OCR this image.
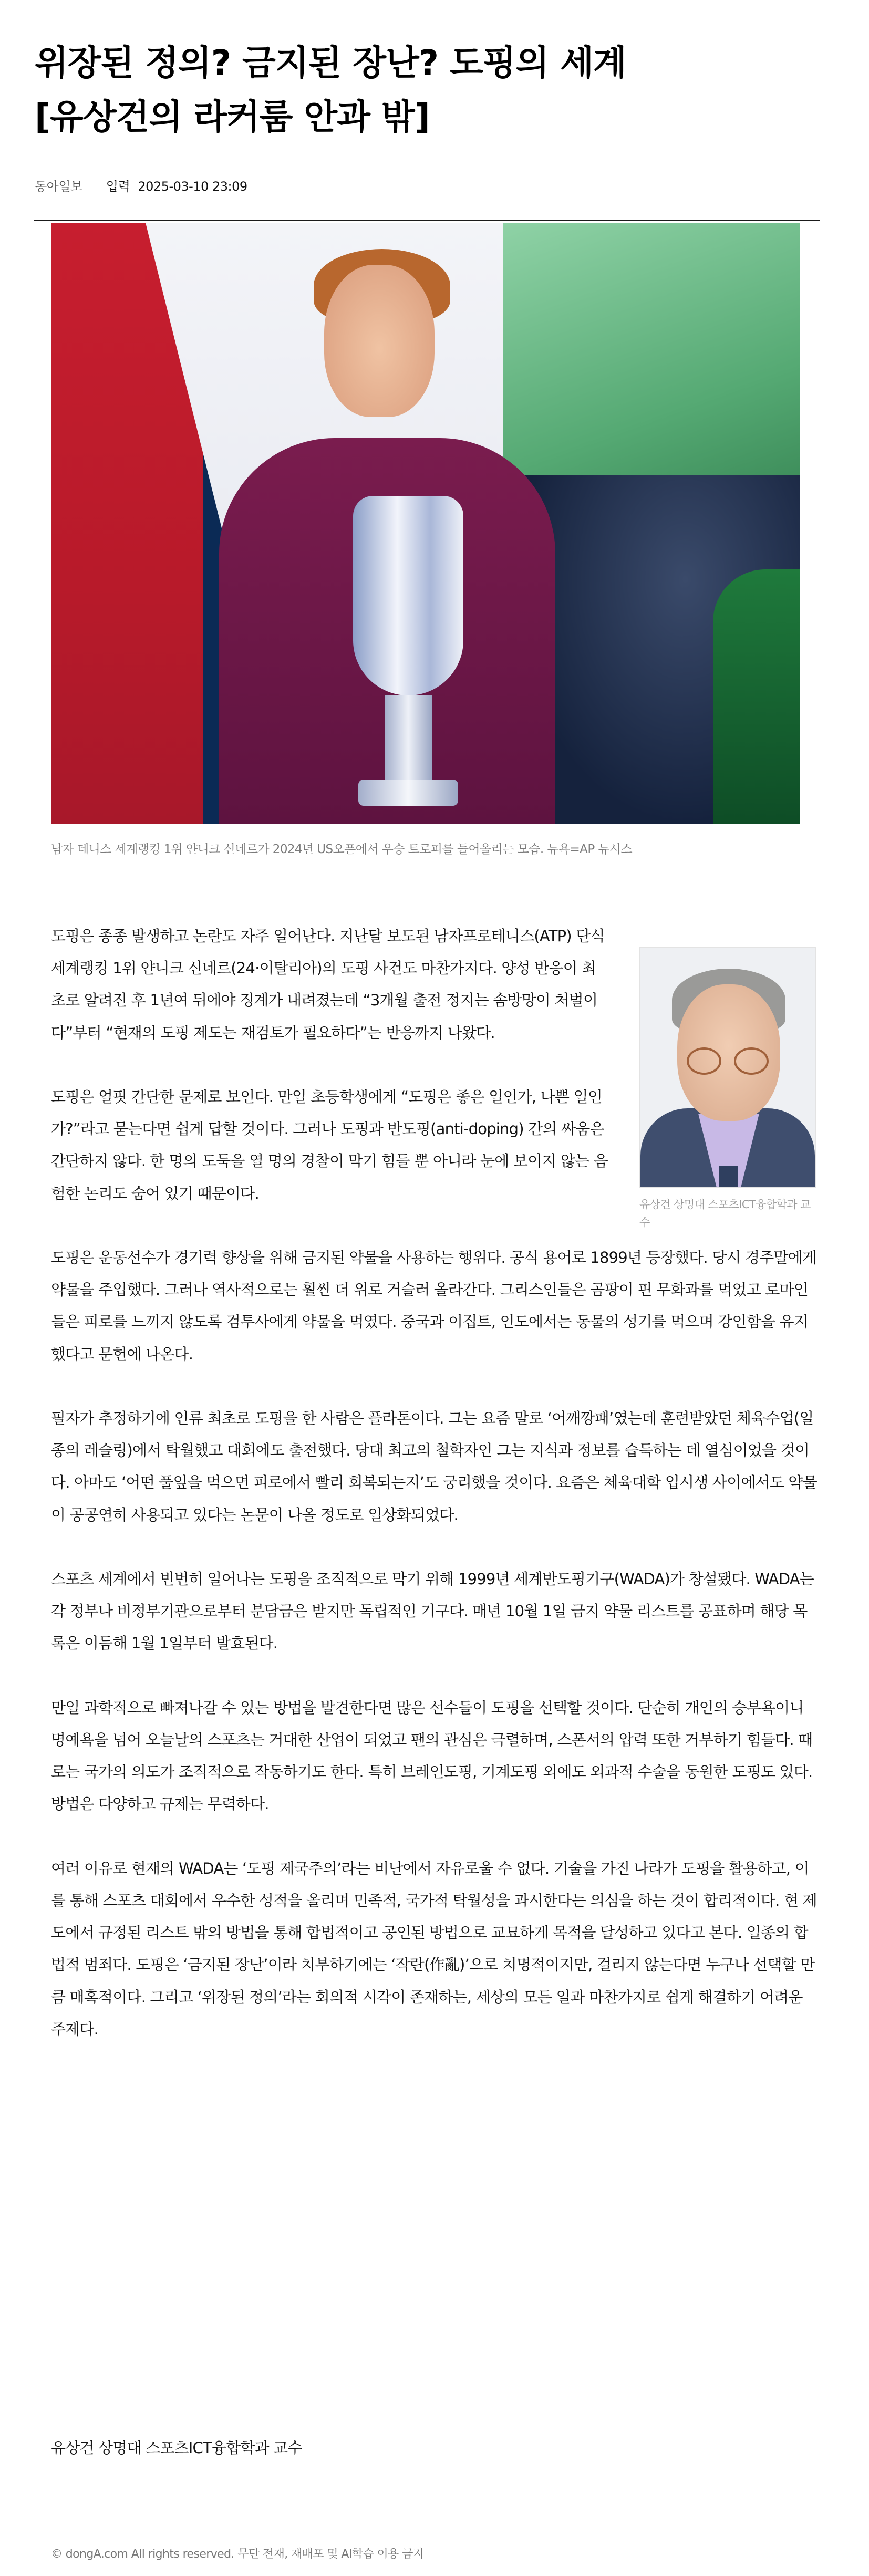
위장된 정의? 금지된 장난? 도핑의 세계
[유상건의 라커룸 안과 밖]
동아일보 입력 2025-03-10 23:09
남자 테니스 세계랭킹 1위 얀니크 신네르가 2024년 US오픈에서 우승 트로피를 들어올리는 모습. 뉴욕=AP 뉴시스
유상건 상명대 스포츠ICT융합학과 교수

도핑은 종종 발생하고 논란도 자주 일어난다. 지난달 보도된 남자프로테니스(ATP) 단식 세계랭킹 1위 얀니크 신네르(24·이탈리아)의 도핑 사건도 마찬가지다. 양성 반응이 최초로 알려진 후 1년여 뒤에야 징계가 내려졌는데 “3개월 출전 정지는 솜방망이 처벌이다”부터 “현재의 도핑 제도는 재검토가 필요하다”는 반응까지 나왔다.

도핑은 얼핏 간단한 문제로 보인다. 만일 초등학생에게 “도핑은 좋은 일인가, 나쁜 일인가?”라고 묻는다면 쉽게 답할 것이다. 그러나 도핑과 반도핑(anti-doping) 간의 싸움은 간단하지 않다. 한 명의 도둑을 열 명의 경찰이 막기 힘들 뿐 아니라 눈에 보이지 않는 음험한 논리도 숨어 있기 때문이다.

도핑은 운동선수가 경기력 향상을 위해 금지된 약물을 사용하는 행위다. 공식 용어로 1899년 등장했다. 당시 경주말에게 약물을 주입했다. 그러나 역사적으로는 훨씬 더 위로 거슬러 올라간다. 그리스인들은 곰팡이 핀 무화과를 먹었고 로마인들은 피로를 느끼지 않도록 검투사에게 약물을 먹였다. 중국과 이집트, 인도에서는 동물의 성기를 먹으며 강인함을 유지했다고 문헌에 나온다.

필자가 추정하기에 인류 최초로 도핑을 한 사람은 플라톤이다. 그는 요즘 말로 ‘어깨깡패’였는데 훈련받았던 체육수업(일종의 레슬링)에서 탁월했고 대회에도 출전했다. 당대 최고의 철학자인 그는 지식과 정보를 습득하는 데 열심이었을 것이다. 아마도 ‘어떤 풀잎을 먹으면 피로에서 빨리 회복되는지’도 궁리했을 것이다. 요즘은 체육대학 입시생 사이에서도 약물이 공공연히 사용되고 있다는 논문이 나올 정도로 일상화되었다.

스포츠 세계에서 빈번히 일어나는 도핑을 조직적으로 막기 위해 1999년 세계반도핑기구(WADA)가 창설됐다. WADA는 각 정부나 비정부기관으로부터 분담금은 받지만 독립적인 기구다. 매년 10월 1일 금지 약물 리스트를 공표하며 해당 목록은 이듬해 1월 1일부터 발효된다.

만일 과학적으로 빠져나갈 수 있는 방법을 발견한다면 많은 선수들이 도핑을 선택할 것이다. 단순히 개인의 승부욕이니 명예욕을 넘어 오늘날의 스포츠는 거대한 산업이 되었고 팬의 관심은 극렬하며, 스폰서의 압력 또한 거부하기 힘들다. 때로는 국가의 의도가 조직적으로 작동하기도 한다. 특히 브레인도핑, 기계도핑 외에도 외과적 수술을 동원한 도핑도 있다. 방법은 다양하고 규제는 무력하다.

여러 이유로 현재의 WADA는 ‘도핑 제국주의’라는 비난에서 자유로울 수 없다. 기술을 가진 나라가 도핑을 활용하고, 이를 통해 스포츠 대회에서 우수한 성적을 올리며 민족적, 국가적 탁월성을 과시한다는 의심을 하는 것이 합리적이다. 현 제도에서 규정된 리스트 밖의 방법을 통해 합법적이고 공인된 방법으로 교묘하게 목적을 달성하고 있다고 본다. 일종의 합법적 범죄다. 도핑은 ‘금지된 장난’이라 치부하기에는 ‘작란(作亂)’으로 치명적이지만, 걸리지 않는다면 누구나 선택할 만큼 매혹적이다. 그리고 ‘위장된 정의’라는 회의적 시각이 존재하는, 세상의 모든 일과 마찬가지로 쉽게 해결하기 어려운 주제다.

유상건 상명대 스포츠ICT융합학과 교수
© dongA.com All rights reserved. 무단 전재, 재배포 및 AI학습 이용 금지
